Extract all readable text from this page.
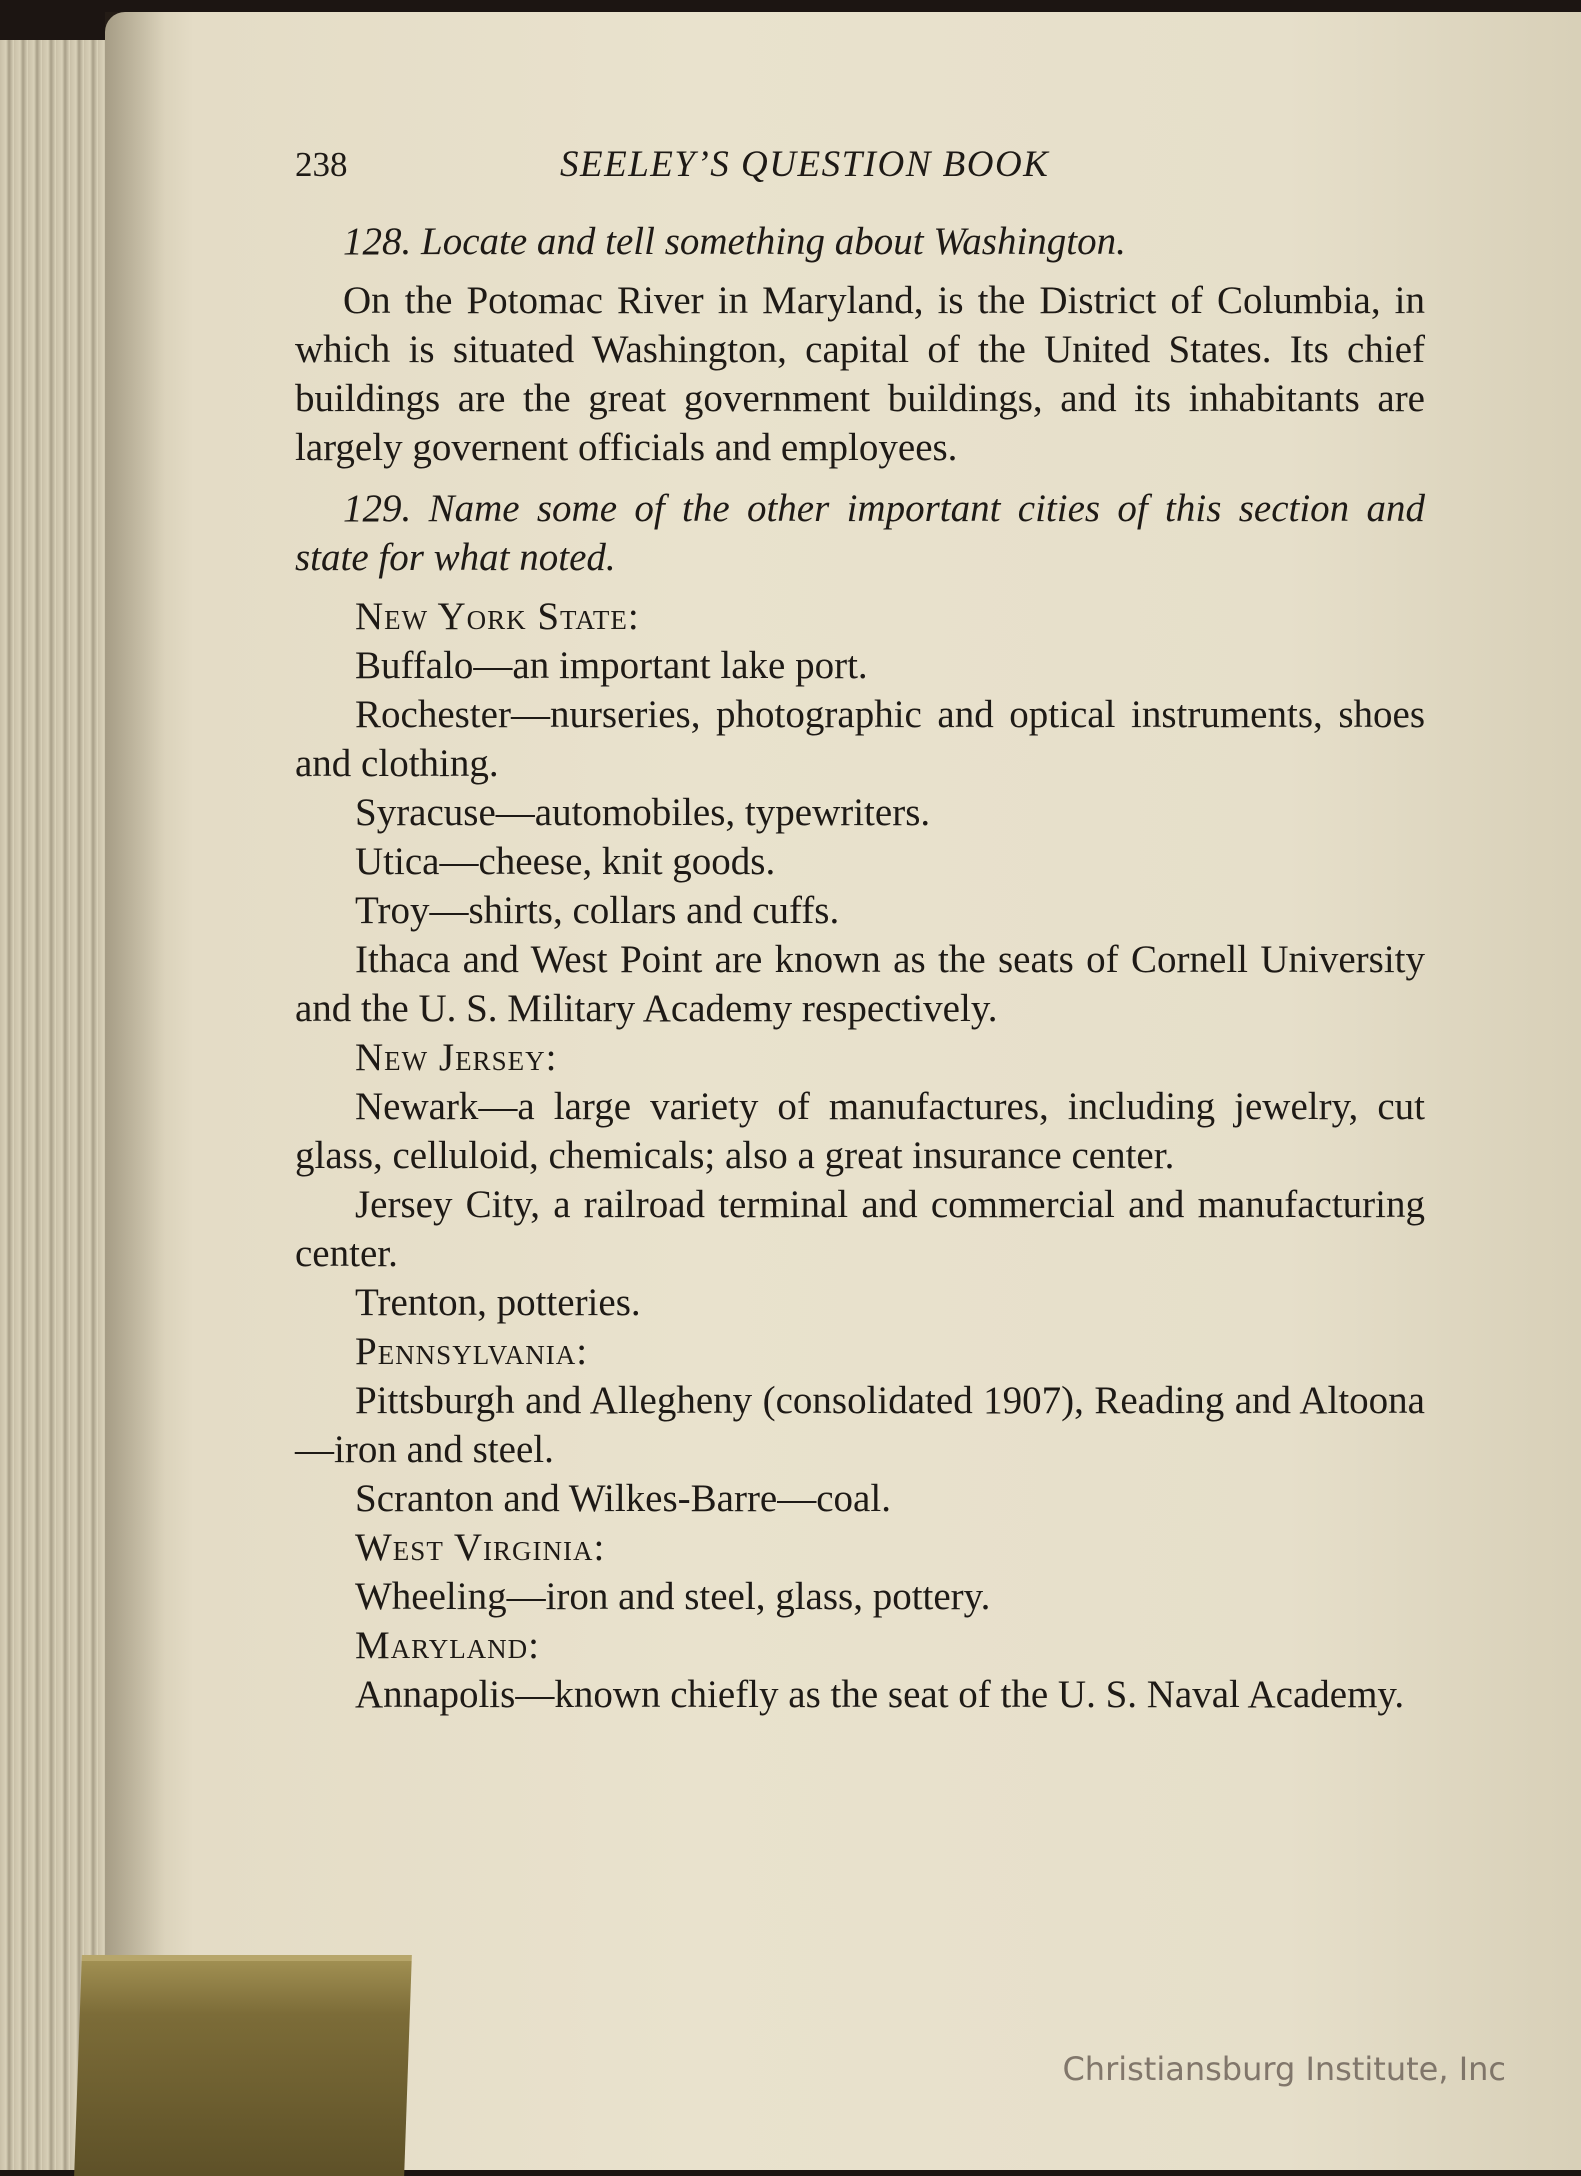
238	SEELEY’S QUESTION BOOK

128. Locate and tell something about Washington.

On the Potomac River in Maryland, is the District of Columbia, in which is situated Washington, capital of the United States. Its chief buildings are the great government buildings, and its inhabitants are largely governent officials and employees.

129. Name some of the other important cities of this section and state for what noted.

New York State:

Buffalo—an important lake port.

Rochester—nurseries, photographic and optical instruments, shoes and clothing.

Syracuse—automobiles, typewriters.

Utica—cheese, knit goods.

Troy—shirts, collars and cuffs.

Ithaca and West Point are known as the seats of Cornell University and the U. S. Military Academy respectively.

New Jersey:

Newark—a large variety of manufactures, including jewelry, cut glass, celluloid, chemicals; also a great insurance center.

Jersey City, a railroad terminal and commercial and manufacturing center.

Trenton, potteries.

Pennsylvania:

Pittsburgh and Allegheny (consolidated 1907), Reading and Altoona—iron and steel.

Scranton and Wilkes-Barre—coal.

West Virginia:

Wheeling—iron and steel, glass, pottery.

Maryland:

Annapolis—known chiefly as the seat of the U. S. Naval Academy.

Christiansburg Institute, Inc
